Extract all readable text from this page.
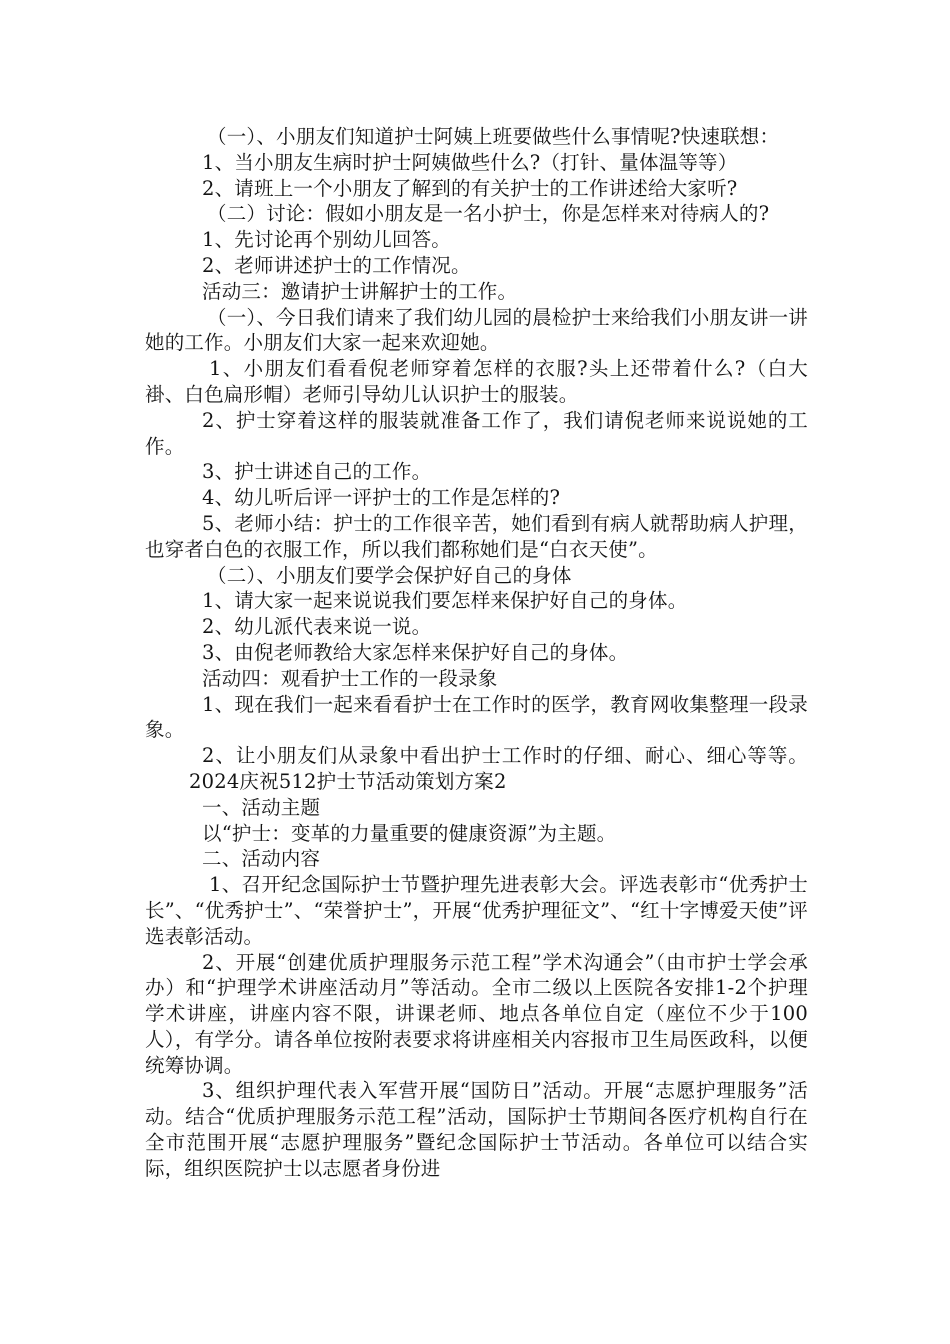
（一）、小朋友们知道护士阿姨上班要做些什么事情呢?快速联想：

1、当小朋友生病时护士阿姨做些什么?（打针、量体温等等）

2、请班上一个小朋友了解到的有关护士的工作讲述给大家听?

（二）讨论：假如小朋友是一名小护士，你是怎样来对待病人的?

1、先讨论再个别幼儿回答。

2、老师讲述护士的工作情况。

活动三：邀请护士讲解护士的工作。

（一）、今日我们请来了我们幼儿园的晨检护士来给我们小朋友讲一讲她的工作。小朋友们大家一起来欢迎她。

1、小朋友们看看倪老师穿着怎样的衣服?头上还带着什么?（白大褂、白色扁形帽）老师引导幼儿认识护士的服装。

2、护士穿着这样的服装就准备工作了，我们请倪老师来说说她的工作。

3、护士讲述自己的工作。

4、幼儿听后评一评护士的工作是怎样的?

5、老师小结：护士的工作很辛苦，她们看到有病人就帮助病人护理，也穿者白色的衣服工作，所以我们都称她们是“白衣天使”。

（二）、小朋友们要学会保护好自己的身体

1、请大家一起来说说我们要怎样来保护好自己的身体。

2、幼儿派代表来说一说。

3、由倪老师教给大家怎样来保护好自己的身体。

活动四：观看护士工作的一段录象

1、现在我们一起来看看护士在工作时的医学，教育网收集整理一段录象。

2、让小朋友们从录象中看出护士工作时的仔细、耐心、细心等等。2024庆祝512护士节活动策划方案2

一、活动主题

以“护士：变革的力量重要的健康资源”为主题。

二、活动内容

1、召开纪念国际护士节暨护理先进表彰大会。评选表彰市“优秀护士长”、“优秀护士”、“荣誉护士”，开展“优秀护理征文”、“红十字博爱天使”评选表彰活动。

2、开展“创建优质护理服务示范工程”学术沟通会”（由市护士学会承办）和“护理学术讲座活动月”等活动。全市二级以上医院各安排1-2个护理学术讲座，讲座内容不限，讲课老师、地点各单位自定（座位不少于100人），有学分。请各单位按附表要求将讲座相关内容报市卫生局医政科，以便统筹协调。

3、组织护理代表入军营开展“国防日”活动。开展“志愿护理服务”活动。结合“优质护理服务示范工程”活动，国际护士节期间各医疗机构自行在全市范围开展“志愿护理服务”暨纪念国际护士节活动。各单位可以结合实际，组织医院护士以志愿者身份进
